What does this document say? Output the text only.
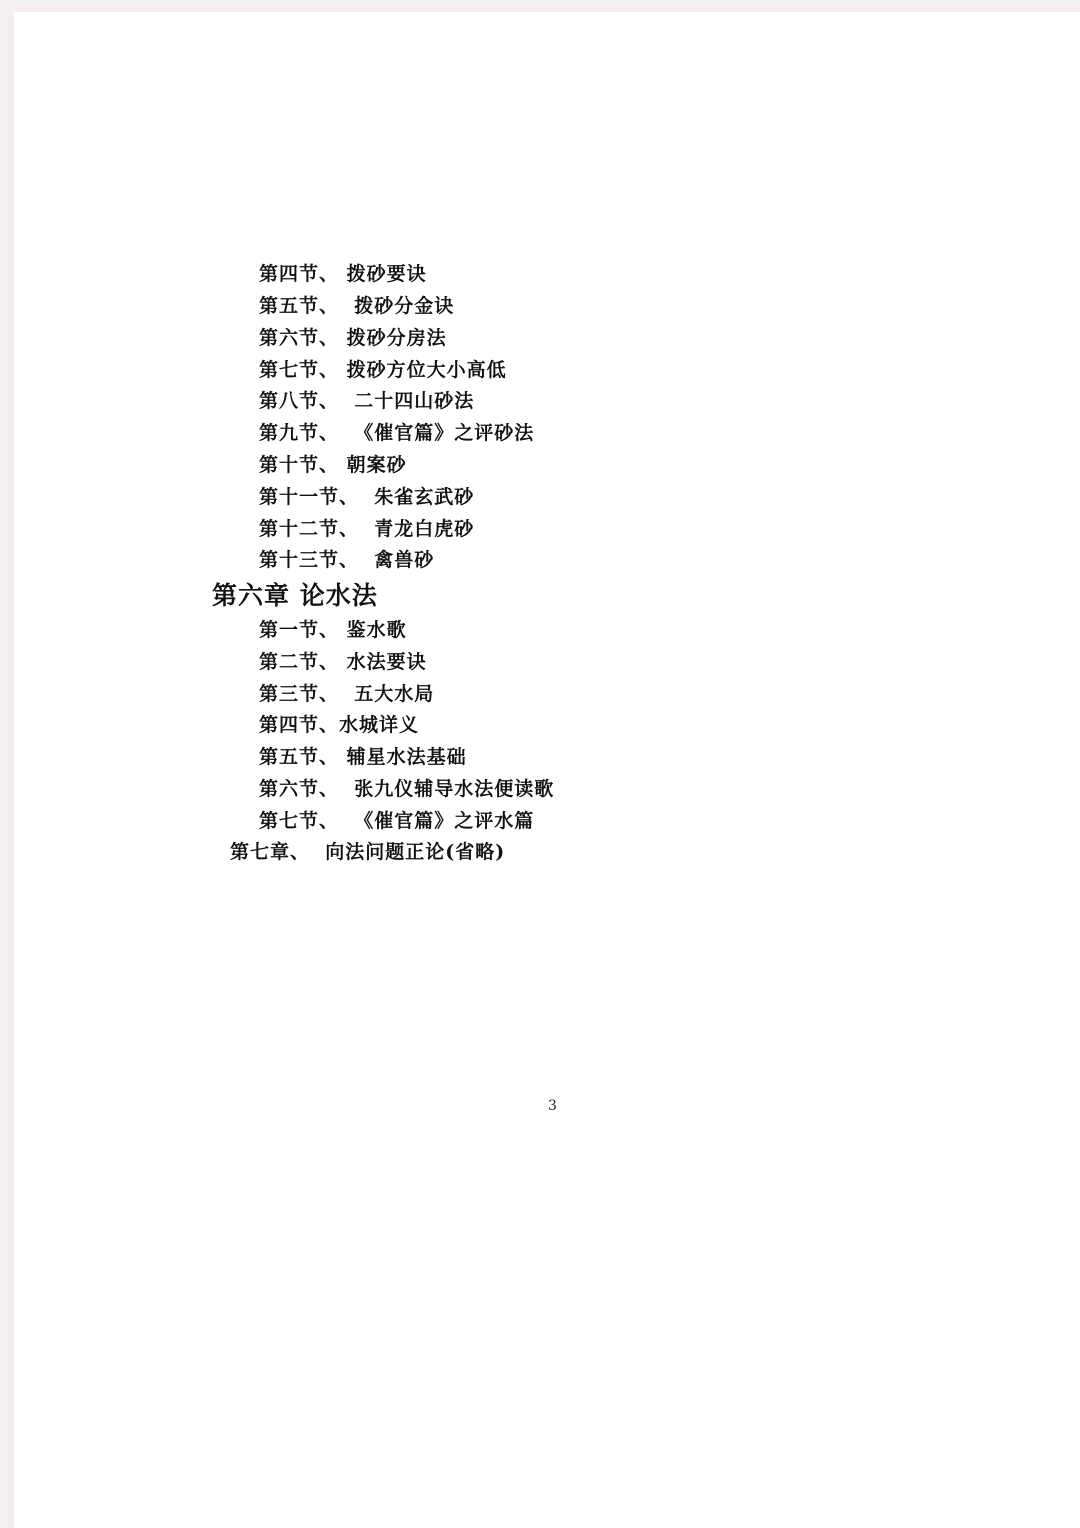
第四节、 拨砂要诀
第五节、  拨砂分金诀
第六节、 拨砂分房法
第七节、 拨砂方位大小高低
第八节、  二十四山砂法
第九节、  《催官篇》之评砂法
第十节、 朝案砂
第十一节、  朱雀玄武砂
第十二节、  青龙白虎砂
第十三节、  禽兽砂
第六章 论水法
第一节、 鉴水歌
第二节、 水法要诀
第三节、  五大水局
第四节、水城详义
第五节、 辅星水法基础
第六节、  张九仪辅导水法便读歌
第七节、  《催官篇》之评水篇
第七章、  向法问题正论(省略)
3
